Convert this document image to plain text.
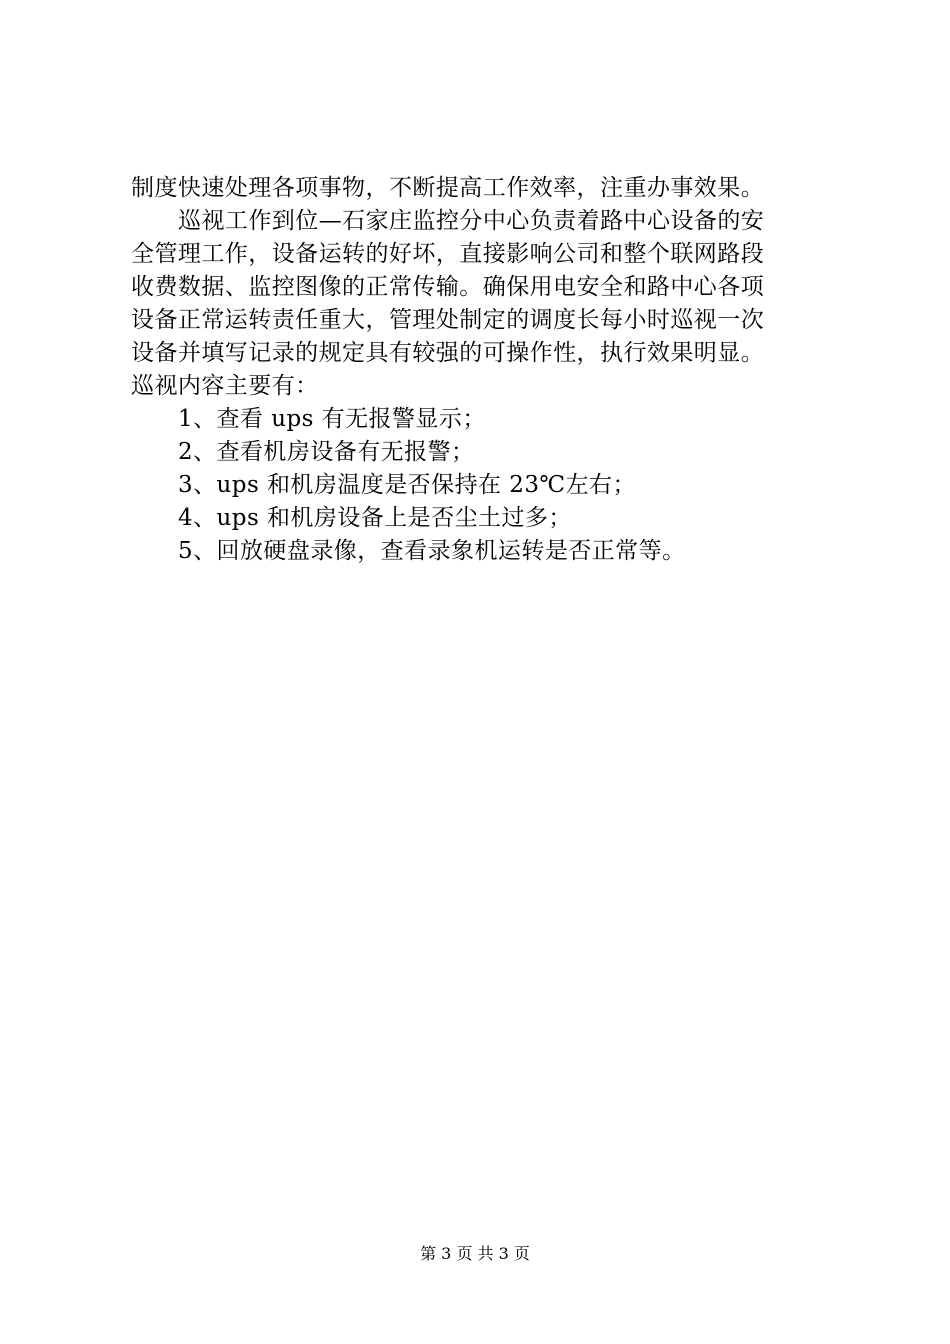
制度快速处理各项事物，不断提高工作效率，注重办事效果。
巡视工作到位—石家庄监控分中心负责着路中心设备的安
全管理工作，设备运转的好坏，直接影响公司和整个联网路段
收费数据、监控图像的正常传输。确保用电安全和路中心各项
设备正常运转责任重大，管理处制定的调度长每小时巡视一次
设备并填写记录的规定具有较强的可操作性，执行效果明显。
巡视内容主要有：
1、查看 ups 有无报警显示；
2、查看机房设备有无报警；
3、ups 和机房温度是否保持在 23℃左右；
4、ups 和机房设备上是否尘土过多；
5、回放硬盘录像，查看录象机运转是否正常等。
第 3 页 共 3 页
